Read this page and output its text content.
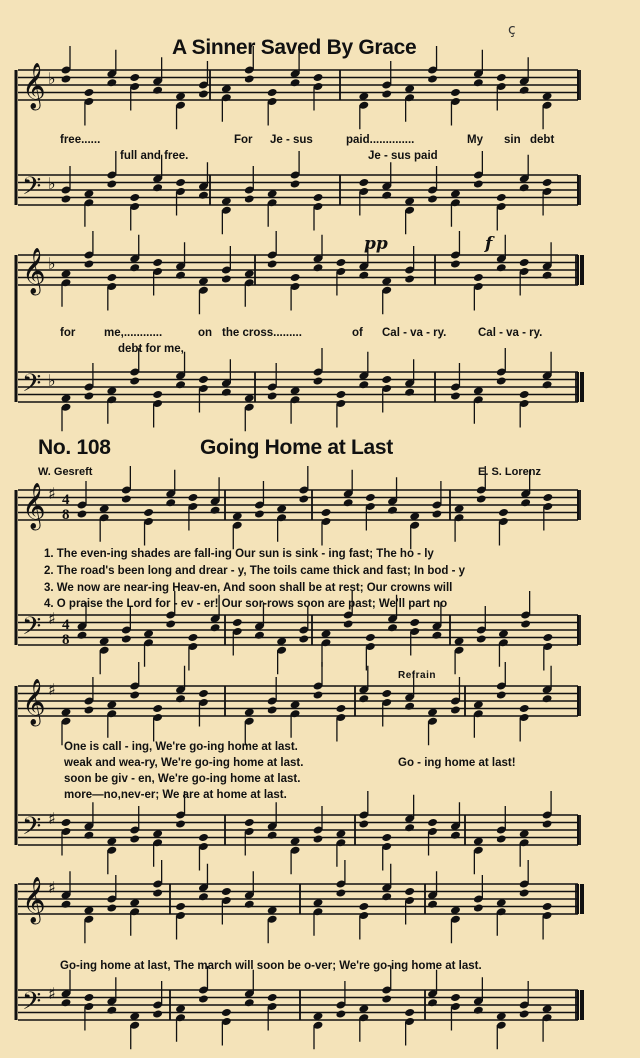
𝄞 ♭
𝄢 ♭
𝄞 ♭
𝄢 ♭
𝄞 ♯
𝄢 ♯
4
8
4
8
𝄞 ♯
𝄢 ♯
𝄞 ♯
𝄢 ♯
ç
A Sinner Saved By Grace
free......	For Je - sus	paid..............	My sin debt
full and free.	Je - sus paid
pp	f
for me,............	on the cross.........	of Cal - va - ry.	Cal - va - ry.
debt for me,
No. 108	Going Home at Last
W. Gesreft	E. S. Lorenz
1. The even-ing shades are fall-ing Our sun is sink - ing fast; The ho - ly
2. The road's been long and drear - y, The toils came thick and fast; In bod - y
3. We now are near-ing Heav-en, And soon shall be at rest; Our crowns will
4. O praise the Lord for - ev - er! Our sor-rows soon are past; We'll part no
Refrain
One is call - ing, We're go-ing home at last.
weak and wea-ry, We're go-ing home at last.
soon be giv - en, We're go-ing home at last.
more—no,nev-er; We are at home at last.
Go - ing home at last!
Go-ing home at last, The march will soon be o-ver; We're go-ing home at last.
